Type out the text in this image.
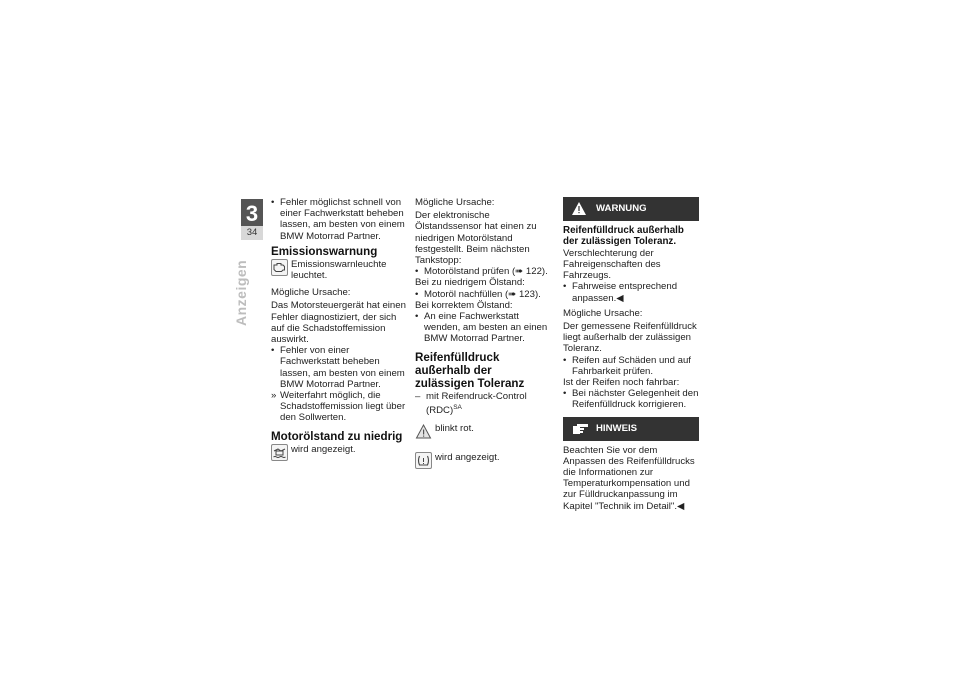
3
34
Anzeigen

• Fehler möglichst schnell von einer Fachwerkstatt beheben lassen, am besten von einem BMW Motorrad Partner.

Emissionswarnung

Emissionswarnleuchte leuchtet.

Mögliche Ursache:

Das Motorsteuergerät hat einen Fehler diagnostiziert, der sich auf die Schadstoffemission auswirkt.

• Fehler von einer Fachwerkstatt beheben lassen, am besten von einem BMW Motorrad Partner.

» Weiterfahrt möglich, die Schadstoffemission liegt über den Sollwerten.

Motorölstand zu niedrig

wird angezeigt.

Mögliche Ursache:

Der elektronische Ölstandssensor hat einen zu niedrigen Motorölstand festgestellt. Beim nächsten Tankstopp:

• Motorölstand prüfen (➠ 122).

Bei zu niedrigem Ölstand:

• Motoröl nachfüllen (➠ 123).

Bei korrektem Ölstand:

• An eine Fachwerkstatt wenden, am besten an einen BMW Motorrad Partner.

Reifenfülldruck außerhalb der zulässigen Toleranz

– mit Reifendruck-Control (RDC)$^{SA}$

blinkt rot.

wird angezeigt.

WARNUNG
Reifenfülldruck außerhalb der zulässigen Toleranz.

Verschlechterung der Fahreigenschaften des Fahrzeugs.

• Fahrweise entsprechend anpassen.◀

Mögliche Ursache:

Der gemessene Reifenfülldruck liegt außerhalb der zulässigen Toleranz.

• Reifen auf Schäden und auf Fahrbarkeit prüfen.

Ist der Reifen noch fahrbar:

• Bei nächster Gelegenheit den Reifenfülldruck korrigieren.

HINWEIS

Beachten Sie vor dem Anpassen des Reifenfülldrucks die Informationen zur Temperaturkompensation und zur Fülldruckanpassung im Kapitel "Technik im Detail".◀
